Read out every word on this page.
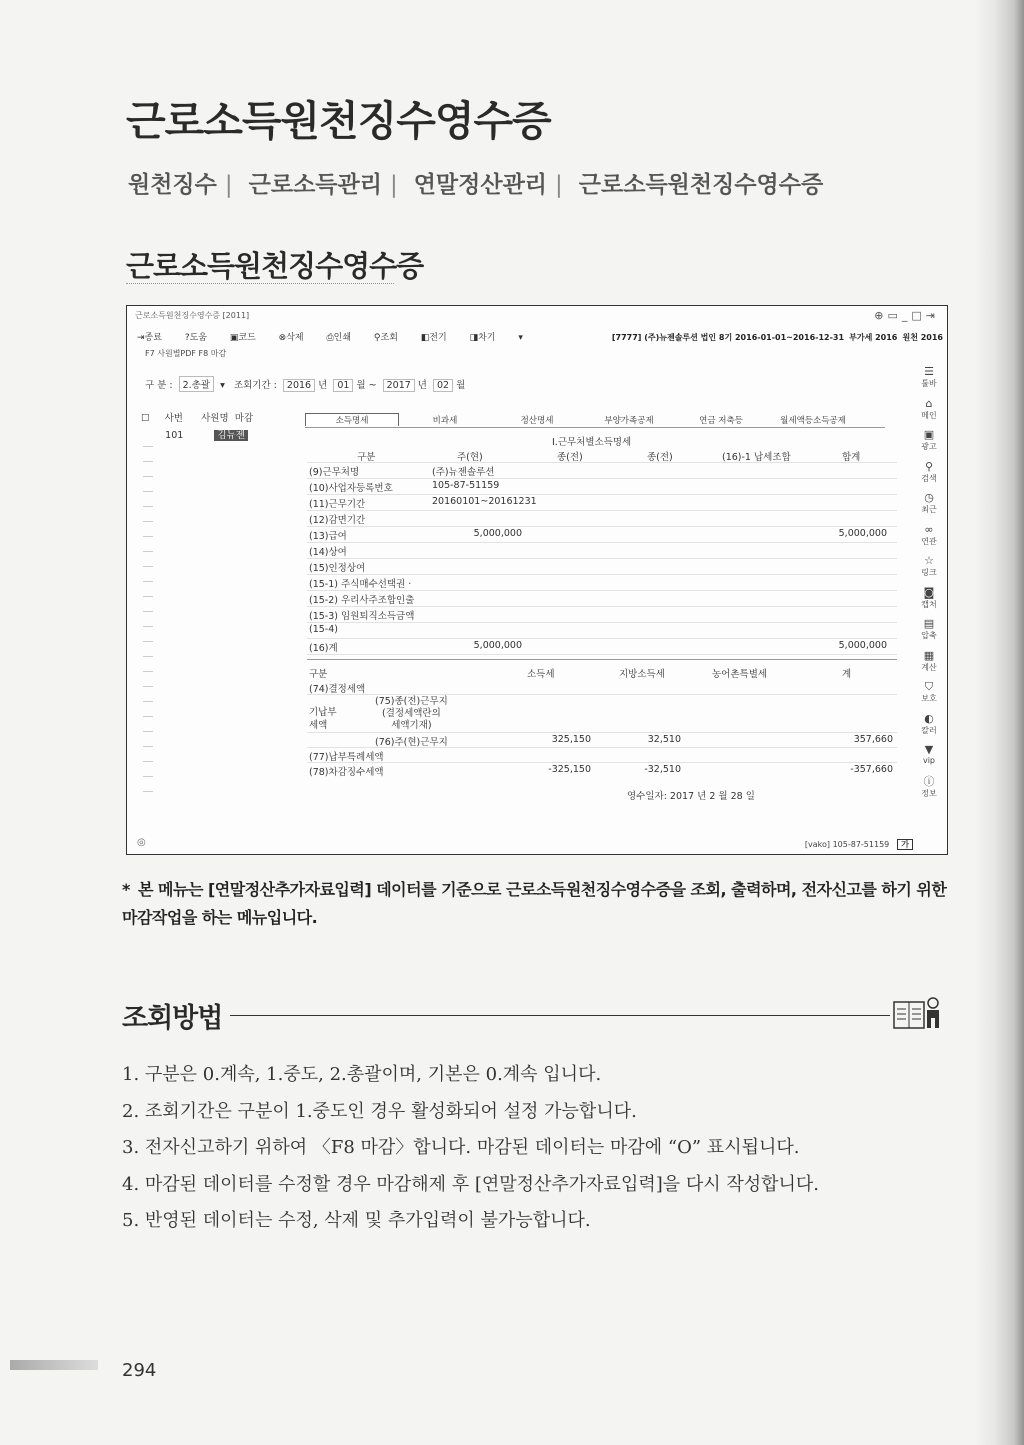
근로소득원천징수영수증
원천징수 | 근로소득관리 | 연말정산관리 | 근로소득원천징수영수증
근로소득원천징수영수증
근로소득원천징수영수증 [2011]	⊕▭_□⇥
⇥종료	?도움	▣코드	⊗삭제	⎙인쇄	⚲조회	◧전기	◨차기	▾	[7777] (주)뉴젠솔루션 법인 8기 2016-01-01~2016-12-31 부가세 2016 원천 2016
F7 사원별PDF F8 마감
구 분 : 2.총괄 ▾ 조회기간 : 2016 년 01 월 ~ 2017 년 02 월
☐     사번 사원명 마감
101	김뉴젠
소득명세	비과세	정산명세	부양가족공제	연금 저축등	월세액등소득공제
Ⅰ.근무처별소득명세
구분	주(현)	종(전)	종(전)	(16)-1 납세조합	합계
(9)근무처명	(주)뉴젠솔루션
(10)사업자등록번호	105-87-51159
(11)근무기간	20160101~20161231
(12)감면기간
(13)급여	5,000,000	5,000,000
(14)상여
(15)인정상여
(15-1) 주식매수선택권 ·
(15-2) 우리사주조합인출
(15-3) 임원퇴직소득금액
(15-4)
(16)계	5,000,000	5,000,000
구분	소득세	지방소득세	농어촌특별세	계
(74)결정세액
기납부
세액
(75)종(전)근무지
(결정세액란의
세액기재)
(76)주(현)근무지	325,150	32,510	357,660
(77)납부특례세액
(78)차감징수세액	-325,150	-32,510	-357,660
영수일자: 2017 년 2 월 28 일
☰
툴바
⌂
메인
▣
광고
⚲
검색
◷
최근
∞
연관
☆
링크
◙
캡처
▤
압축
▦
계산
⛉
보호
◐
칼러
▼
vip
ⓘ
정보
◎	[vako] 105-87-51159 가
* 본 메뉴는 [연말정산추가자료입력] 데이터를 기준으로 근로소득원천징수영수증을 조회, 출력하며, 전자신고를 하기 위한 마감작업을 하는 메뉴입니다.
조회방법
1. 구분은 0.계속, 1.중도, 2.총괄이며, 기본은 0.계속 입니다.
2. 조회기간은 구분이 1.중도인 경우 활성화되어 설정 가능합니다.
3. 전자신고하기 위하여 〈F8 마감〉합니다. 마감된 데이터는 마감에 “O” 표시됩니다.
4. 마감된 데이터를 수정할 경우 마감해제 후 [연말정산추가자료입력]을 다시 작성합니다.
5. 반영된 데이터는 수정, 삭제 및 추가입력이 불가능합니다.
294
